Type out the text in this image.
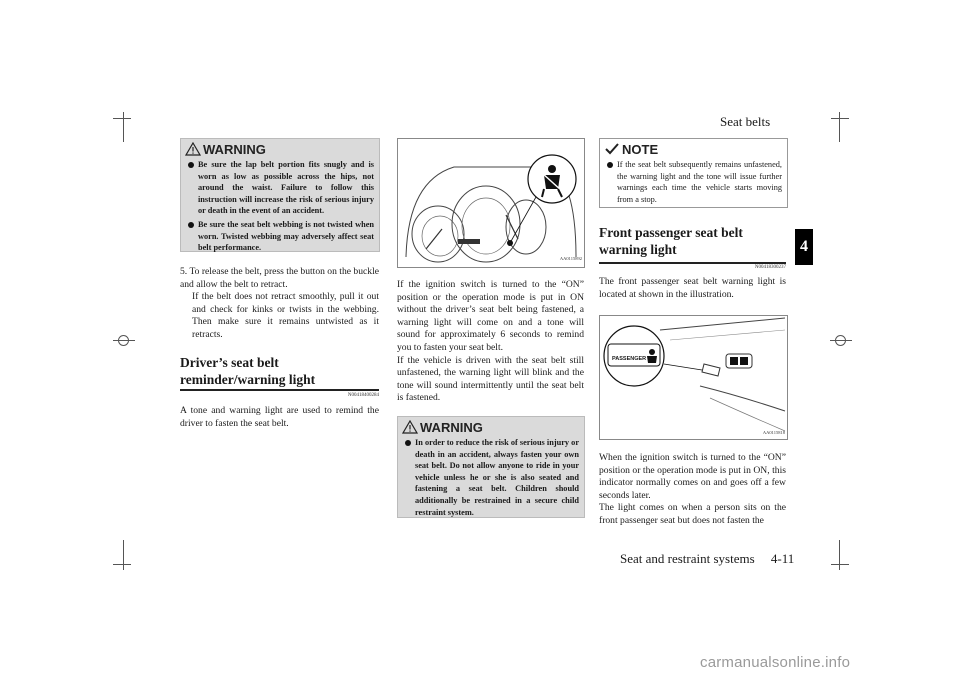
Seat belts
4
Seat and restraint systems     4-11
WARNING
Be sure the lap belt portion fits snugly and is worn as low as possible across the hips, not around the waist. Failure to follow this instruction will increase the risk of serious injury or death in the event of an accident.
Be sure the seat belt webbing is not twisted when worn. Twisted webbing may adversely affect seat belt performance.
5. To release the belt, press the button on the buckle and allow the belt to retract.
If the belt does not retract smoothly, pull it out and check for kinks or twists in the webbing. Then make sure it remains untwisted as it retracts.
Driver’s seat belt reminder/warning light
N00418400284
A tone and warning light are used to remind the driver to fasten the seat belt.
AA0115892
If the ignition switch is turned to the “ON” position or the operation mode is put in ON without the driver’s seat belt being fastened, a warning light will come on and a tone will sound for approximately 6 seconds to remind you to fasten your seat belt.
If the vehicle is driven with the seat belt still unfastened, the warning light will blink and the tone will sound intermittently until the seat belt is fastened.
WARNING
In order to reduce the risk of serious injury or death in an accident, always fasten your own seat belt. Do not allow anyone to ride in your vehicle unless he or she is also seated and fastening a seat belt. Children should additionally be restrained in a secure child restraint system.
NOTE
If the seat belt subsequently remains unfastened, the warning light and the tone will issue further warnings each time the vehicle starts moving from a stop.
Front passenger seat belt warning light
N00418300237
The front passenger seat belt warning light is located at shown in the illustration.
PASSENGER
AA0115818
When the ignition switch is turned to the “ON” position or the operation mode is put in ON, this indicator normally comes on and goes off a few seconds later.
The light comes on when a person sits on the front passenger seat but does not fasten the
carmanualsonline.info
